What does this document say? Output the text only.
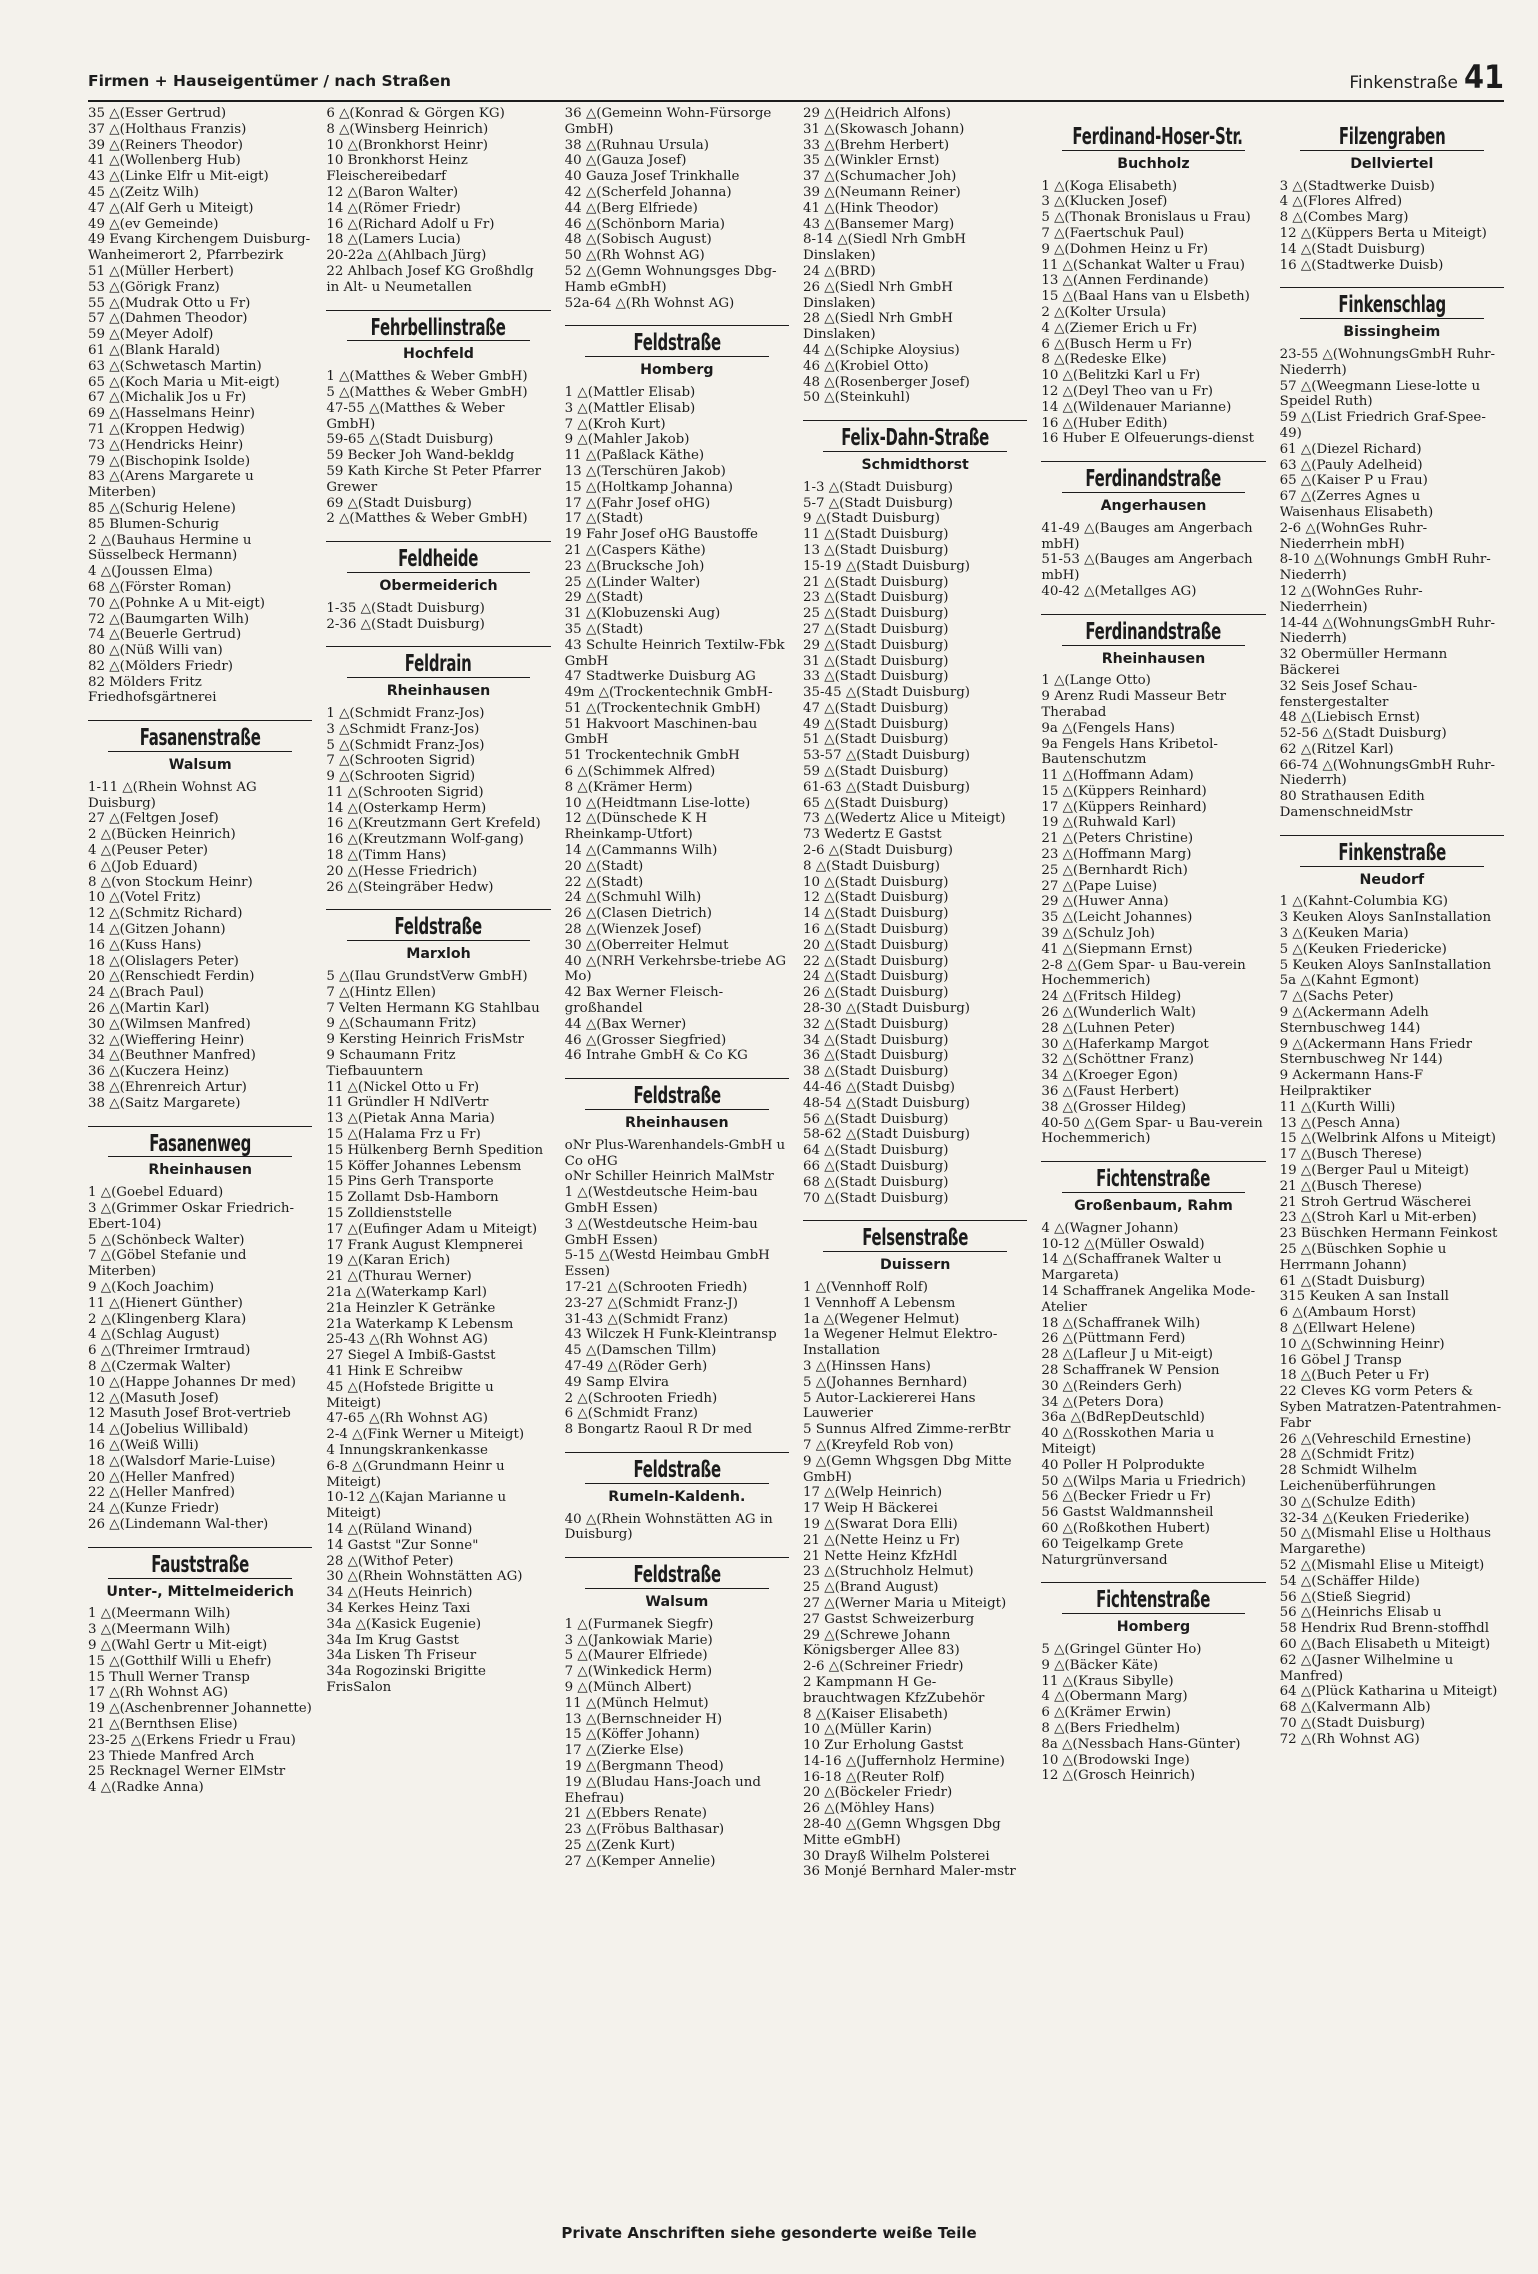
Firmen + Hauseigentümer / nach Straßen	Finkenstraße 41
35 △(Esser Gertrud)
37 △(Holthaus Franzis)
39 △(Reiners Theodor)
41 △(Wollenberg Hub)
43 △(Linke Elfr u Mit-eigt)
45 △(Zeitz Wilh)
47 △(Alf Gerh u Miteigt)
49 △(ev Gemeinde)
49 Evang Kirchengem Duisburg-Wanheimerort 2, Pfarrbezirk
51 △(Müller Herbert)
53 △(Görigk Franz)
55 △(Mudrak Otto u Fr)
57 △(Dahmen Theodor)
59 △(Meyer Adolf)
61 △(Blank Harald)
63 △(Schwetasch Martin)
65 △(Koch Maria u Mit-eigt)
67 △(Michalik Jos u Fr)
69 △(Hasselmans Heinr)
71 △(Kroppen Hedwig)
73 △(Hendricks Heinr)
79 △(Bischopink Isolde)
83 △(Arens Margarete u Miterben)
85 △(Schurig Helene)
85 Blumen-Schurig
2 △(Bauhaus Hermine u Süsselbeck Hermann)
4 △(Joussen Elma)
68 △(Förster Roman)
70 △(Pohnke A u Mit-eigt)
72 △(Baumgarten Wilh)
74 △(Beuerle Gertrud)
80 △(Nüß Willi van)
82 △(Mölders Friedr)
82 Mölders Fritz Friedhofsgärtnerei
Fasanenstraße
Walsum
1-11 △(Rhein Wohnst AG Duisburg)
27 △(Feltgen Josef)
2 △(Bücken Heinrich)
4 △(Peuser Peter)
6 △(Job Eduard)
8 △(von Stockum Heinr)
10 △(Votel Fritz)
12 △(Schmitz Richard)
14 △(Gitzen Johann)
16 △(Kuss Hans)
18 △(Olislagers Peter)
20 △(Renschiedt Ferdin)
24 △(Brach Paul)
26 △(Martin Karl)
30 △(Wilmsen Manfred)
32 △(Wieffering Heinr)
34 △(Beuthner Manfred)
36 △(Kuczera Heinz)
38 △(Ehrenreich Artur)
38 △(Saitz Margarete)
Fasanenweg
Rheinhausen
1 △(Goebel Eduard)
3 △(Grimmer Oskar Friedrich-Ebert-104)
5 △(Schönbeck Walter)
7 △(Göbel Stefanie und Miterben)
9 △(Koch Joachim)
11 △(Hienert Günther)
2 △(Klingenberg Klara)
4 △(Schlag August)
6 △(Threimer Irmtraud)
8 △(Czermak Walter)
10 △(Happe Johannes Dr med)
12 △(Masuth Josef)
12 Masuth Josef Brot-vertrieb
14 △(Jobelius Willibald)
16 △(Weiß Willi)
18 △(Walsdorf Marie-Luise)
20 △(Heller Manfred)
22 △(Heller Manfred)
24 △(Kunze Friedr)
26 △(Lindemann Wal-ther)
Fauststraße
Unter-, Mittelmeiderich
1 △(Meermann Wilh)
3 △(Meermann Wilh)
9 △(Wahl Gertr u Mit-eigt)
15 △(Gotthilf Willi u Ehefr)
15 Thull Werner Transp
17 △(Rh Wohnst AG)
19 △(Aschenbrenner Johannette)
21 △(Bernthsen Elise)
23-25 △(Erkens Friedr u Frau)
23 Thiede Manfred Arch
25 Recknagel Werner ElMstr
4 △(Radke Anna)
6 △(Konrad & Görgen KG)
8 △(Winsberg Heinrich)
10 △(Bronkhorst Heinr)
10 Bronkhorst Heinz Fleischereibedarf
12 △(Baron Walter)
14 △(Römer Friedr)
16 △(Richard Adolf u Fr)
18 △(Lamers Lucia)
20-22a △(Ahlbach Jürg)
22 Ahlbach Josef KG Großhdlg in Alt- u Neumetallen
Fehrbellinstraße
Hochfeld
1 △(Matthes & Weber GmbH)
5 △(Matthes & Weber GmbH)
47-55 △(Matthes & Weber GmbH)
59-65 △(Stadt Duisburg)
59 Becker Joh Wand-bekldg
59 Kath Kirche St Peter Pfarrer Grewer
69 △(Stadt Duisburg)
2 △(Matthes & Weber GmbH)
Feldheide
Obermeiderich
1-35 △(Stadt Duisburg)
2-36 △(Stadt Duisburg)
Feldrain
Rheinhausen
1 △(Schmidt Franz-Jos)
3 △Schmidt Franz-Jos)
5 △(Schmidt Franz-Jos)
7 △(Schrooten Sigrid)
9 △(Schrooten Sigrid)
11 △(Schrooten Sigrid)
14 △(Osterkamp Herm)
16 △(Kreutzmann Gert Krefeld)
16 △(Kreutzmann Wolf-gang)
18 △(Timm Hans)
20 △(Hesse Friedrich)
26 △(Steingräber Hedw)
Feldstraße
Marxloh
5 △(Ilau GrundstVerw GmbH)
7 △(Hintz Ellen)
7 Velten Hermann KG Stahlbau
9 △(Schaumann Fritz)
9 Kersting Heinrich FrisMstr
9 Schaumann Fritz Tiefbauuntern
11 △(Nickel Otto u Fr)
11 Gründler H NdlVertr
13 △(Pietak Anna Maria)
15 △(Halama Frz u Fr)
15 Hülkenberg Bernh Spedition
15 Köffer Johannes Lebensm
15 Pins Gerh Transporte
15 Zollamt Dsb-Hamborn
15 Zolldienststelle
17 △(Eufinger Adam u Miteigt)
17 Frank August Klempnerei
19 △(Karan Erich)
21 △(Thurau Werner)
21a △(Waterkamp Karl)
21a Heinzler K Getränke
21a Waterkamp K Lebensm
25-43 △(Rh Wohnst AG)
27 Siegel A Imbiß-Gastst
41 Hink E Schreibw
45 △(Hofstede Brigitte u Miteigt)
47-65 △(Rh Wohnst AG)
2-4 △(Fink Werner u Miteigt)
4 Innungskrankenkasse
6-8 △(Grundmann Heinr u Miteigt)
10-12 △(Kajan Marianne u Miteigt)
14 △(Rüland Winand)
14 Gastst "Zur Sonne"
28 △(Withof Peter)
30 △(Rhein Wohnstätten AG)
34 △(Heuts Heinrich)
34 Kerkes Heinz Taxi
34a △(Kasick Eugenie)
34a Im Krug Gastst
34a Lisken Th Friseur
34a Rogozinski Brigitte FrisSalon
36 △(Gemeinn Wohn-Fürsorge GmbH)
38 △(Ruhnau Ursula)
40 △(Gauza Josef)
40 Gauza Josef Trinkhalle
42 △(Scherfeld Johanna)
44 △(Berg Elfriede)
46 △(Schönborn Maria)
48 △(Sobisch August)
50 △(Rh Wohnst AG)
52 △(Gemn Wohnungsges Dbg-Hamb eGmbH)
52a-64 △(Rh Wohnst AG)
Feldstraße
Homberg
1 △(Mattler Elisab)
3 △(Mattler Elisab)
7 △(Kroh Kurt)
9 △(Mahler Jakob)
11 △(Paßlack Käthe)
13 △(Terschüren Jakob)
15 △(Holtkamp Johanna)
17 △(Fahr Josef oHG)
17 △(Stadt)
19 Fahr Josef oHG Baustoffe
21 △(Caspers Käthe)
23 △(Brucksche Joh)
25 △(Linder Walter)
29 △(Stadt)
31 △(Klobuzenski Aug)
35 △(Stadt)
43 Schulte Heinrich Textilw-Fbk GmbH
47 Stadtwerke Duisburg AG
49m △(Trockentechnik GmbH-
51 △(Trockentechnik GmbH)
51 Hakvoort Maschinen-bau GmbH
51 Trockentechnik GmbH
6 △(Schimmek Alfred)
8 △(Krämer Herm)
10 △(Heidtmann Lise-lotte)
12 △(Dünschede K H Rheinkamp-Utfort)
14 △(Cammanns Wilh)
20 △(Stadt)
22 △(Stadt)
24 △(Schmuhl Wilh)
26 △(Clasen Dietrich)
28 △(Wienzek Josef)
30 △(Oberreiter Helmut
40 △(NRH Verkehrsbe-triebe AG Mo)
42 Bax Werner Fleisch-großhandel
44 △(Bax Werner)
46 △(Grosser Siegfried)
46 Intrahe GmbH & Co KG
Feldstraße
Rheinhausen
oNr Plus-Warenhandels-GmbH u Co oHG
oNr Schiller Heinrich MalMstr
1 △(Westdeutsche Heim-bau GmbH Essen)
3 △(Westdeutsche Heim-bau GmbH Essen)
5-15 △(Westd Heimbau GmbH Essen)
17-21 △(Schrooten Friedh)
23-27 △(Schmidt Franz-J)
31-43 △(Schmidt Franz)
43 Wilczek H Funk-Kleintransp
45 △(Damschen Tillm)
47-49 △(Röder Gerh)
49 Samp Elvira
2 △(Schrooten Friedh)
6 △(Schmidt Franz)
8 Bongartz Raoul R Dr med
Feldstraße
Rumeln-Kaldenh.
40 △(Rhein Wohnstätten AG in Duisburg)
Feldstraße
Walsum
1 △(Furmanek Siegfr)
3 △(Jankowiak Marie)
5 △(Maurer Elfriede)
7 △(Winkedick Herm)
9 △(Münch Albert)
11 △(Münch Helmut)
13 △(Bernschneider H)
15 △(Köffer Johann)
17 △(Zierke Else)
19 △(Bergmann Theod)
19 △(Bludau Hans-Joach und Ehefrau)
21 △(Ebbers Renate)
23 △(Fröbus Balthasar)
25 △(Zenk Kurt)
27 △(Kemper Annelie)
29 △(Heidrich Alfons)
31 △(Skowasch Johann)
33 △(Brehm Herbert)
35 △(Winkler Ernst)
37 △(Schumacher Joh)
39 △(Neumann Reiner)
41 △(Hink Theodor)
43 △(Bansemer Marg)
8-14 △(Siedl Nrh GmbH Dinslaken)
24 △(BRD)
26 △(Siedl Nrh GmbH Dinslaken)
28 △(Siedl Nrh GmbH Dinslaken)
44 △(Schipke Aloysius)
46 △(Krobiel Otto)
48 △(Rosenberger Josef)
50 △(Steinkuhl)
Felix-Dahn-Straße
Schmidthorst
1-3 △(Stadt Duisburg)
5-7 △(Stadt Duisburg)
9 △(Stadt Duisburg)
11 △(Stadt Duisburg)
13 △(Stadt Duisburg)
15-19 △(Stadt Duisburg)
21 △(Stadt Duisburg)
23 △(Stadt Duisburg)
25 △(Stadt Duisburg)
27 △(Stadt Duisburg)
29 △(Stadt Duisburg)
31 △(Stadt Duisburg)
33 △(Stadt Duisburg)
35-45 △(Stadt Duisburg)
47 △(Stadt Duisburg)
49 △(Stadt Duisburg)
51 △(Stadt Duisburg)
53-57 △(Stadt Duisburg)
59 △(Stadt Duisburg)
61-63 △(Stadt Duisburg)
65 △(Stadt Duisburg)
73 △(Wedertz Alice u Miteigt)
73 Wedertz E Gastst
2-6 △(Stadt Duisburg)
8 △(Stadt Duisburg)
10 △(Stadt Duisburg)
12 △(Stadt Duisburg)
14 △(Stadt Duisburg)
16 △(Stadt Duisburg)
20 △(Stadt Duisburg)
22 △(Stadt Duisburg)
24 △(Stadt Duisburg)
26 △(Stadt Duisburg)
28-30 △(Stadt Duisburg)
32 △(Stadt Duisburg)
34 △(Stadt Duisburg)
36 △(Stadt Duisburg)
38 △(Stadt Duisburg)
44-46 △(Stadt Duisbg)
48-54 △(Stadt Duisburg)
56 △(Stadt Duisburg)
58-62 △(Stadt Duisburg)
64 △(Stadt Duisburg)
66 △(Stadt Duisburg)
68 △(Stadt Duisburg)
70 △(Stadt Duisburg)
Felsenstraße
Duissern
1 △(Vennhoff Rolf)
1 Vennhoff A Lebensm
1a △(Wegener Helmut)
1a Wegener Helmut Elektro-Installation
3 △(Hinssen Hans)
5 △(Johannes Bernhard)
5 Autor-Lackiererei Hans Lauwerier
5 Sunnus Alfred Zimme-rerBtr
7 △(Kreyfeld Rob von)
9 △(Gemn Whgsgen Dbg Mitte GmbH)
17 △(Welp Heinrich)
17 Weip H Bäckerei
19 △(Swarat Dora Elli)
21 △(Nette Heinz u Fr)
21 Nette Heinz KfzHdl
23 △(Struchholz Helmut)
25 △(Brand August)
27 △(Werner Maria u Miteigt)
27 Gastst Schweizerburg
29 △(Schrewe Johann Königsberger Allee 83)
2-6 △(Schreiner Friedr)
2 Kampmann H Ge-brauchtwagen KfzZubehör
8 △(Kaiser Elisabeth)
10 △(Müller Karin)
10 Zur Erholung Gastst
14-16 △(Juffernholz Hermine)
16-18 △(Reuter Rolf)
20 △(Böckeler Friedr)
26 △(Möhley Hans)
28-40 △(Gemn Whgsgen Dbg Mitte eGmbH)
30 Drayß Wilhelm Polsterei
36 Monjé Bernhard Maler-mstr
Ferdinand-Hoser-Str.
Buchholz
1 △(Koga Elisabeth)
3 △(Klucken Josef)
5 △(Thonak Bronislaus u Frau)
7 △(Faertschuk Paul)
9 △(Dohmen Heinz u Fr)
11 △(Schankat Walter u Frau)
13 △(Annen Ferdinande)
15 △(Baal Hans van u Elsbeth)
2 △(Kolter Ursula)
4 △(Ziemer Erich u Fr)
6 △(Busch Herm u Fr)
8 △(Redeske Elke)
10 △(Belitzki Karl u Fr)
12 △(Deyl Theo van u Fr)
14 △(Wildenauer Marianne)
16 △(Huber Edith)
16 Huber E Olfeuerungs-dienst
Ferdinandstraße
Angerhausen
41-49 △(Bauges am Angerbach mbH)
51-53 △(Bauges am Angerbach mbH)
40-42 △(Metallges AG)
Ferdinandstraße
Rheinhausen
1 △(Lange Otto)
9 Arenz Rudi Masseur Betr Therabad
9a △(Fengels Hans)
9a Fengels Hans Kribetol-Bautenschutzm
11 △(Hoffmann Adam)
15 △(Küppers Reinhard)
17 △(Küppers Reinhard)
19 △(Ruhwald Karl)
21 △(Peters Christine)
23 △(Hoffmann Marg)
25 △(Bernhardt Rich)
27 △(Pape Luise)
29 △(Huwer Anna)
35 △(Leicht Johannes)
39 △(Schulz Joh)
41 △(Siepmann Ernst)
2-8 △(Gem Spar- u Bau-verein Hochemmerich)
24 △(Fritsch Hildeg)
26 △(Wunderlich Walt)
28 △(Luhnen Peter)
30 △(Haferkamp Margot
32 △(Schöttner Franz)
34 △(Kroeger Egon)
36 △(Faust Herbert)
38 △(Grosser Hildeg)
40-50 △(Gem Spar- u Bau-verein Hochemmerich)
Fichtenstraße
Großenbaum, Rahm
4 △(Wagner Johann)
10-12 △(Müller Oswald)
14 △(Schaffranek Walter u Margareta)
14 Schaffranek Angelika Mode-Atelier
18 △(Schaffranek Wilh)
26 △(Püttmann Ferd)
28 △(Lafleur J u Mit-eigt)
28 Schaffranek W Pension
30 △(Reinders Gerh)
34 △(Peters Dora)
36a △(BdRepDeutschld)
40 △(Rosskothen Maria u Miteigt)
40 Poller H Polprodukte
50 △(Wilps Maria u Friedrich)
56 △(Becker Friedr u Fr)
56 Gastst Waldmannsheil
60 △(Roßkothen Hubert)
60 Teigelkamp Grete Naturgrünversand
Fichtenstraße
Homberg
5 △(Gringel Günter Ho)
9 △(Bäcker Käte)
11 △(Kraus Sibylle)
4 △(Obermann Marg)
6 △(Krämer Erwin)
8 △(Bers Friedhelm)
8a △(Nessbach Hans-Günter)
10 △(Brodowski Inge)
12 △(Grosch Heinrich)
Filzengraben
Dellviertel
3 △(Stadtwerke Duisb)
4 △(Flores Alfred)
8 △(Combes Marg)
12 △(Küppers Berta u Miteigt)
14 △(Stadt Duisburg)
16 △(Stadtwerke Duisb)
Finkenschlag
Bissingheim
23-55 △(WohnungsGmbH Ruhr-Niederrh)
57 △(Weegmann Liese-lotte u Speidel Ruth)
59 △(List Friedrich Graf-Spee-49)
61 △(Diezel Richard)
63 △(Pauly Adelheid)
65 △(Kaiser P u Frau)
67 △(Zerres Agnes u Waisenhaus Elisabeth)
2-6 △(WohnGes Ruhr-Niederrhein mbH)
8-10 △(Wohnungs GmbH Ruhr-Niederrh)
12 △(WohnGes Ruhr-Niederrhein)
14-44 △(WohnungsGmbH Ruhr-Niederrh)
32 Obermüller Hermann Bäckerei
32 Seis Josef Schau-fenstergestalter
48 △(Liebisch Ernst)
52-56 △(Stadt Duisburg)
62 △(Ritzel Karl)
66-74 △(WohnungsGmbH Ruhr-Niederrh)
80 Strathausen Edith DamenschneidMstr
Finkenstraße
Neudorf
1 △(Kahnt-Columbia KG)
3 Keuken Aloys SanInstallation
3 △(Keuken Maria)
5 △(Keuken Friedericke)
5 Keuken Aloys SanInstallation
5a △(Kahnt Egmont)
7 △(Sachs Peter)
9 △(Ackermann Adelh Sternbuschweg 144)
9 △(Ackermann Hans Friedr Sternbuschweg Nr 144)
9 Ackermann Hans-F Heilpraktiker
11 △(Kurth Willi)
13 △(Pesch Anna)
15 △(Welbrink Alfons u Miteigt)
17 △(Busch Therese)
19 △(Berger Paul u Miteigt)
21 △(Busch Therese)
21 Stroh Gertrud Wäscherei
23 △(Stroh Karl u Mit-erben)
23 Büschken Hermann Feinkost
25 △(Büschken Sophie u Herrmann Johann)
61 △(Stadt Duisburg)
315 Keuken A san Install
6 △(Ambaum Horst)
8 △(Ellwart Helene)
10 △(Schwinning Heinr)
16 Göbel J Transp
18 △(Buch Peter u Fr)
22 Cleves KG vorm Peters & Syben Matratzen-Patentrahmen-Fabr
26 △(Vehreschild Ernestine)
28 △(Schmidt Fritz)
28 Schmidt Wilhelm Leichenüberführungen
30 △(Schulze Edith)
32-34 △(Keuken Friederike)
50 △(Mismahl Elise u Holthaus Margarethe)
52 △(Mismahl Elise u Miteigt)
54 △(Schäffer Hilde)
56 △(Stieß Siegrid)
56 △(Heinrichs Elisab u
58 Hendrix Rud Brenn-stoffhdl
60 △(Bach Elisabeth u Miteigt)
62 △(Jasner Wilhelmine u Manfred)
64 △(Plück Katharina u Miteigt)
68 △(Kalvermann Alb)
70 △(Stadt Duisburg)
72 △(Rh Wohnst AG)
Private Anschriften siehe gesonderte weiße Teile
